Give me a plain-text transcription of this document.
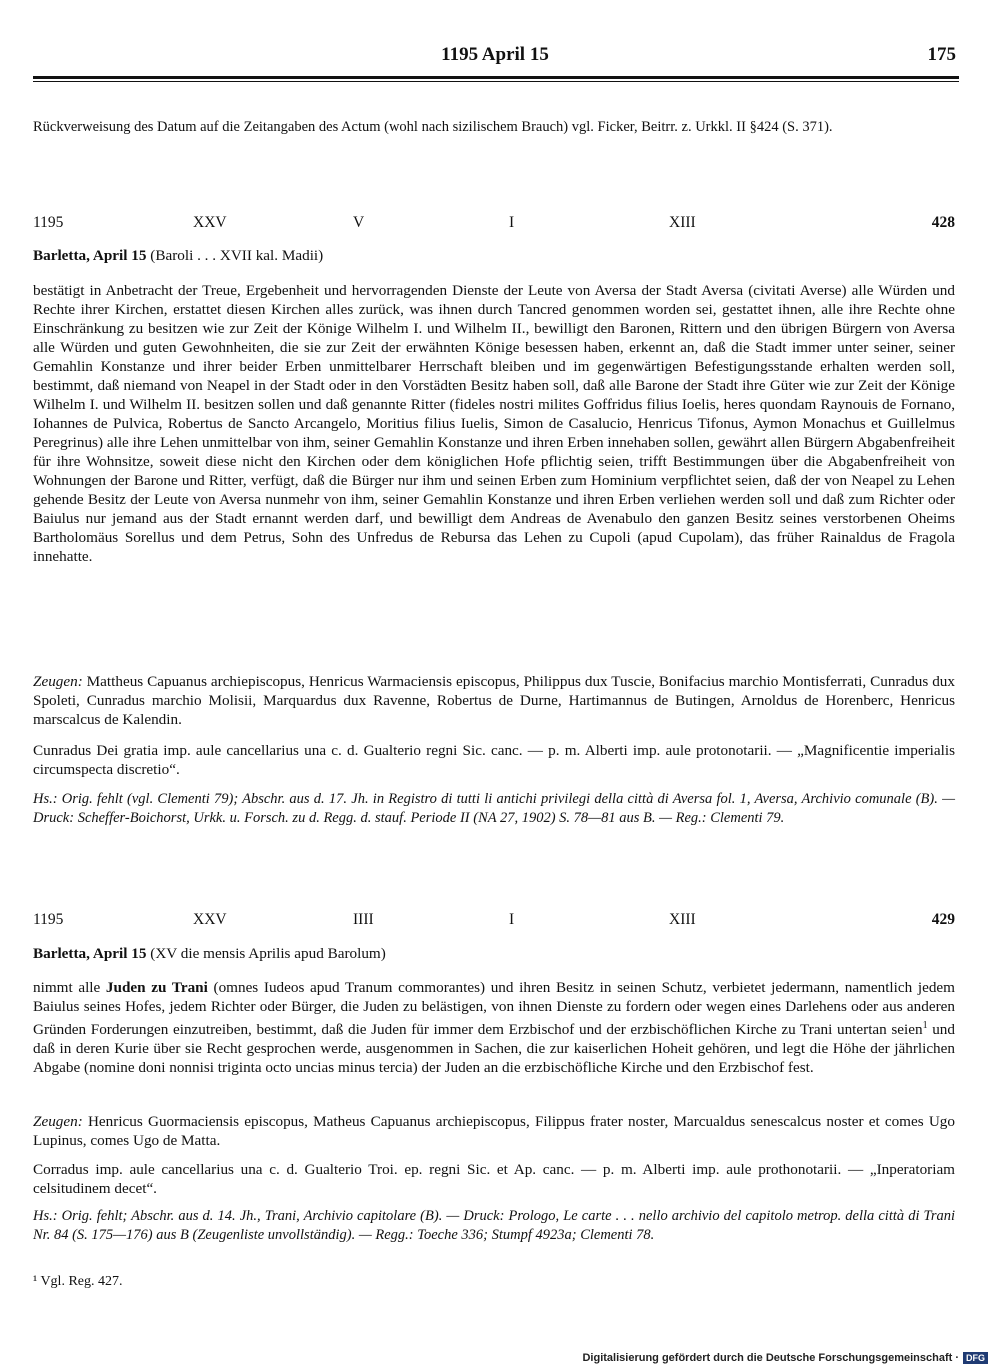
1195 April 15	175

Rückverweisung des Datum auf die Zeitangaben des Actum (wohl nach sizilischem Brauch) vgl. Ficker, Beitrr. z. Urkkl. II §424 (S. 371).

1195	XXV	V	I	XIII	428
Barletta, April 15 (Baroli . . . XVII kal. Madii)

bestätigt in Anbetracht der Treue, Ergebenheit und hervorragenden Dienste der Leute von Aversa der Stadt Aversa (civitati Averse) alle Würden und Rechte ihrer Kirchen, erstattet diesen Kirchen alles zurück, was ihnen durch Tancred genommen worden sei, gestattet ihnen, alle ihre Rechte ohne Einschränkung zu besitzen wie zur Zeit der Könige Wilhelm I. und Wilhelm II., bewilligt den Baronen, Rittern und den übrigen Bürgern von Aversa alle Würden und guten Gewohnheiten, die sie zur Zeit der erwähnten Könige besessen haben, erkennt an, daß die Stadt immer unter seiner, seiner Gemahlin Konstanze und ihrer beider Erben unmittelbarer Herrschaft bleiben und im gegenwärtigen Befestigungsstande erhalten werden soll, bestimmt, daß niemand von Neapel in der Stadt oder in den Vorstädten Besitz haben soll, daß alle Barone der Stadt ihre Güter wie zur Zeit der Könige Wilhelm I. und Wilhelm II. besitzen sollen und daß genannte Ritter (fideles nostri milites Goffridus filius Ioelis, heres quondam Raynouis de Fornano, Iohannes de Pulvica, Robertus de Sancto Arcangelo, Moritius filius Iuelis, Simon de Casalucio, Henricus Tifonus, Aymon Monachus et Guillelmus Peregrinus) alle ihre Lehen unmittelbar von ihm, seiner Gemahlin Konstanze und ihren Erben innehaben sollen, gewährt allen Bürgern Abgabenfreiheit für ihre Wohnsitze, soweit diese nicht den Kirchen oder dem königlichen Hofe pflichtig seien, trifft Bestimmungen über die Abgabenfreiheit von Wohnungen der Barone und Ritter, verfügt, daß die Bürger nur ihm und seinen Erben zum Hominium verpflichtet seien, daß der von Neapel zu Lehen gehende Besitz der Leute von Aversa nunmehr von ihm, seiner Gemahlin Konstanze und ihren Erben verliehen werden soll und daß zum Richter oder Baiulus nur jemand aus der Stadt ernannt werden darf, und bewilligt dem Andreas de Avenabulo den ganzen Besitz seines verstorbenen Oheims Bartholomäus Sorellus und dem Petrus, Sohn des Unfredus de Rebursa das Lehen zu Cupoli (apud Cupolam), das früher Rainaldus de Fragola innehatte.

Zeugen: Mattheus Capuanus archiepiscopus, Henricus Warmaciensis episcopus, Philippus dux Tuscie, Bonifacius marchio Montisferrati, Cunradus dux Spoleti, Cunradus marchio Molisii, Marquardus dux Ravenne, Robertus de Durne, Hartimannus de Butingen, Arnoldus de Horenberc, Henricus marscalcus de Kalendin.

Cunradus Dei gratia imp. aule cancellarius una c. d. Gualterio regni Sic. canc. — p. m. Alberti imp. aule protonotarii. — „Magnificentie imperialis circumspecta discretio“.

Hs.: Orig. fehlt (vgl. Clementi 79); Abschr. aus d. 17. Jh. in Registro di tutti li antichi privilegi della città di Aversa fol. 1, Aversa, Archivio comunale (B). — Druck: Scheffer-Boichorst, Urkk. u. Forsch. zu d. Regg. d. stauf. Periode II (NA 27, 1902) S. 78—81 aus B. — Reg.: Clementi 79.

1195	XXV	IIII	I	XIII	429
Barletta, April 15 (XV die mensis Aprilis apud Barolum)

nimmt alle Juden zu Trani (omnes Iudeos apud Tranum commorantes) und ihren Besitz in seinen Schutz, verbietet jedermann, namentlich jedem Baiulus seines Hofes, jedem Richter oder Bürger, die Juden zu belästigen, von ihnen Dienste zu fordern oder wegen eines Darlehens oder aus anderen Gründen Forderungen einzutreiben, bestimmt, daß die Juden für immer dem Erzbischof und der erzbischöflichen Kirche zu Trani untertan seien$^1$ und daß in deren Kurie über sie Recht gesprochen werde, ausgenommen in Sachen, die zur kaiserlichen Hoheit gehören, und legt die Höhe der jährlichen Abgabe (nomine doni nonnisi triginta octo uncias minus tercia) der Juden an die erzbischöfliche Kirche und den Erzbischof fest.

Zeugen: Henricus Guormaciensis episcopus, Matheus Capuanus archiepiscopus, Filippus frater noster, Marcualdus senescalcus noster et comes Ugo Lupinus, comes Ugo de Matta.

Corradus imp. aule cancellarius una c. d. Gualterio Troi. ep. regni Sic. et Ap. canc. — p. m. Alberti imp. aule prothonotarii. — „Inperatoriam celsitudinem decet“.

Hs.: Orig. fehlt; Abschr. aus d. 14. Jh., Trani, Archivio capitolare (B). — Druck: Prologo, Le carte . . . nello archivio del capitolo metrop. della città di Trani Nr. 84 (S. 175—176) aus B (Zeugenliste unvollständig). — Regg.: Toeche 336; Stumpf 4923a; Clementi 78.

¹ Vgl. Reg. 427.
Digitalisierung gefördert durch die Deutsche Forschungsgemeinschaft · DFG
